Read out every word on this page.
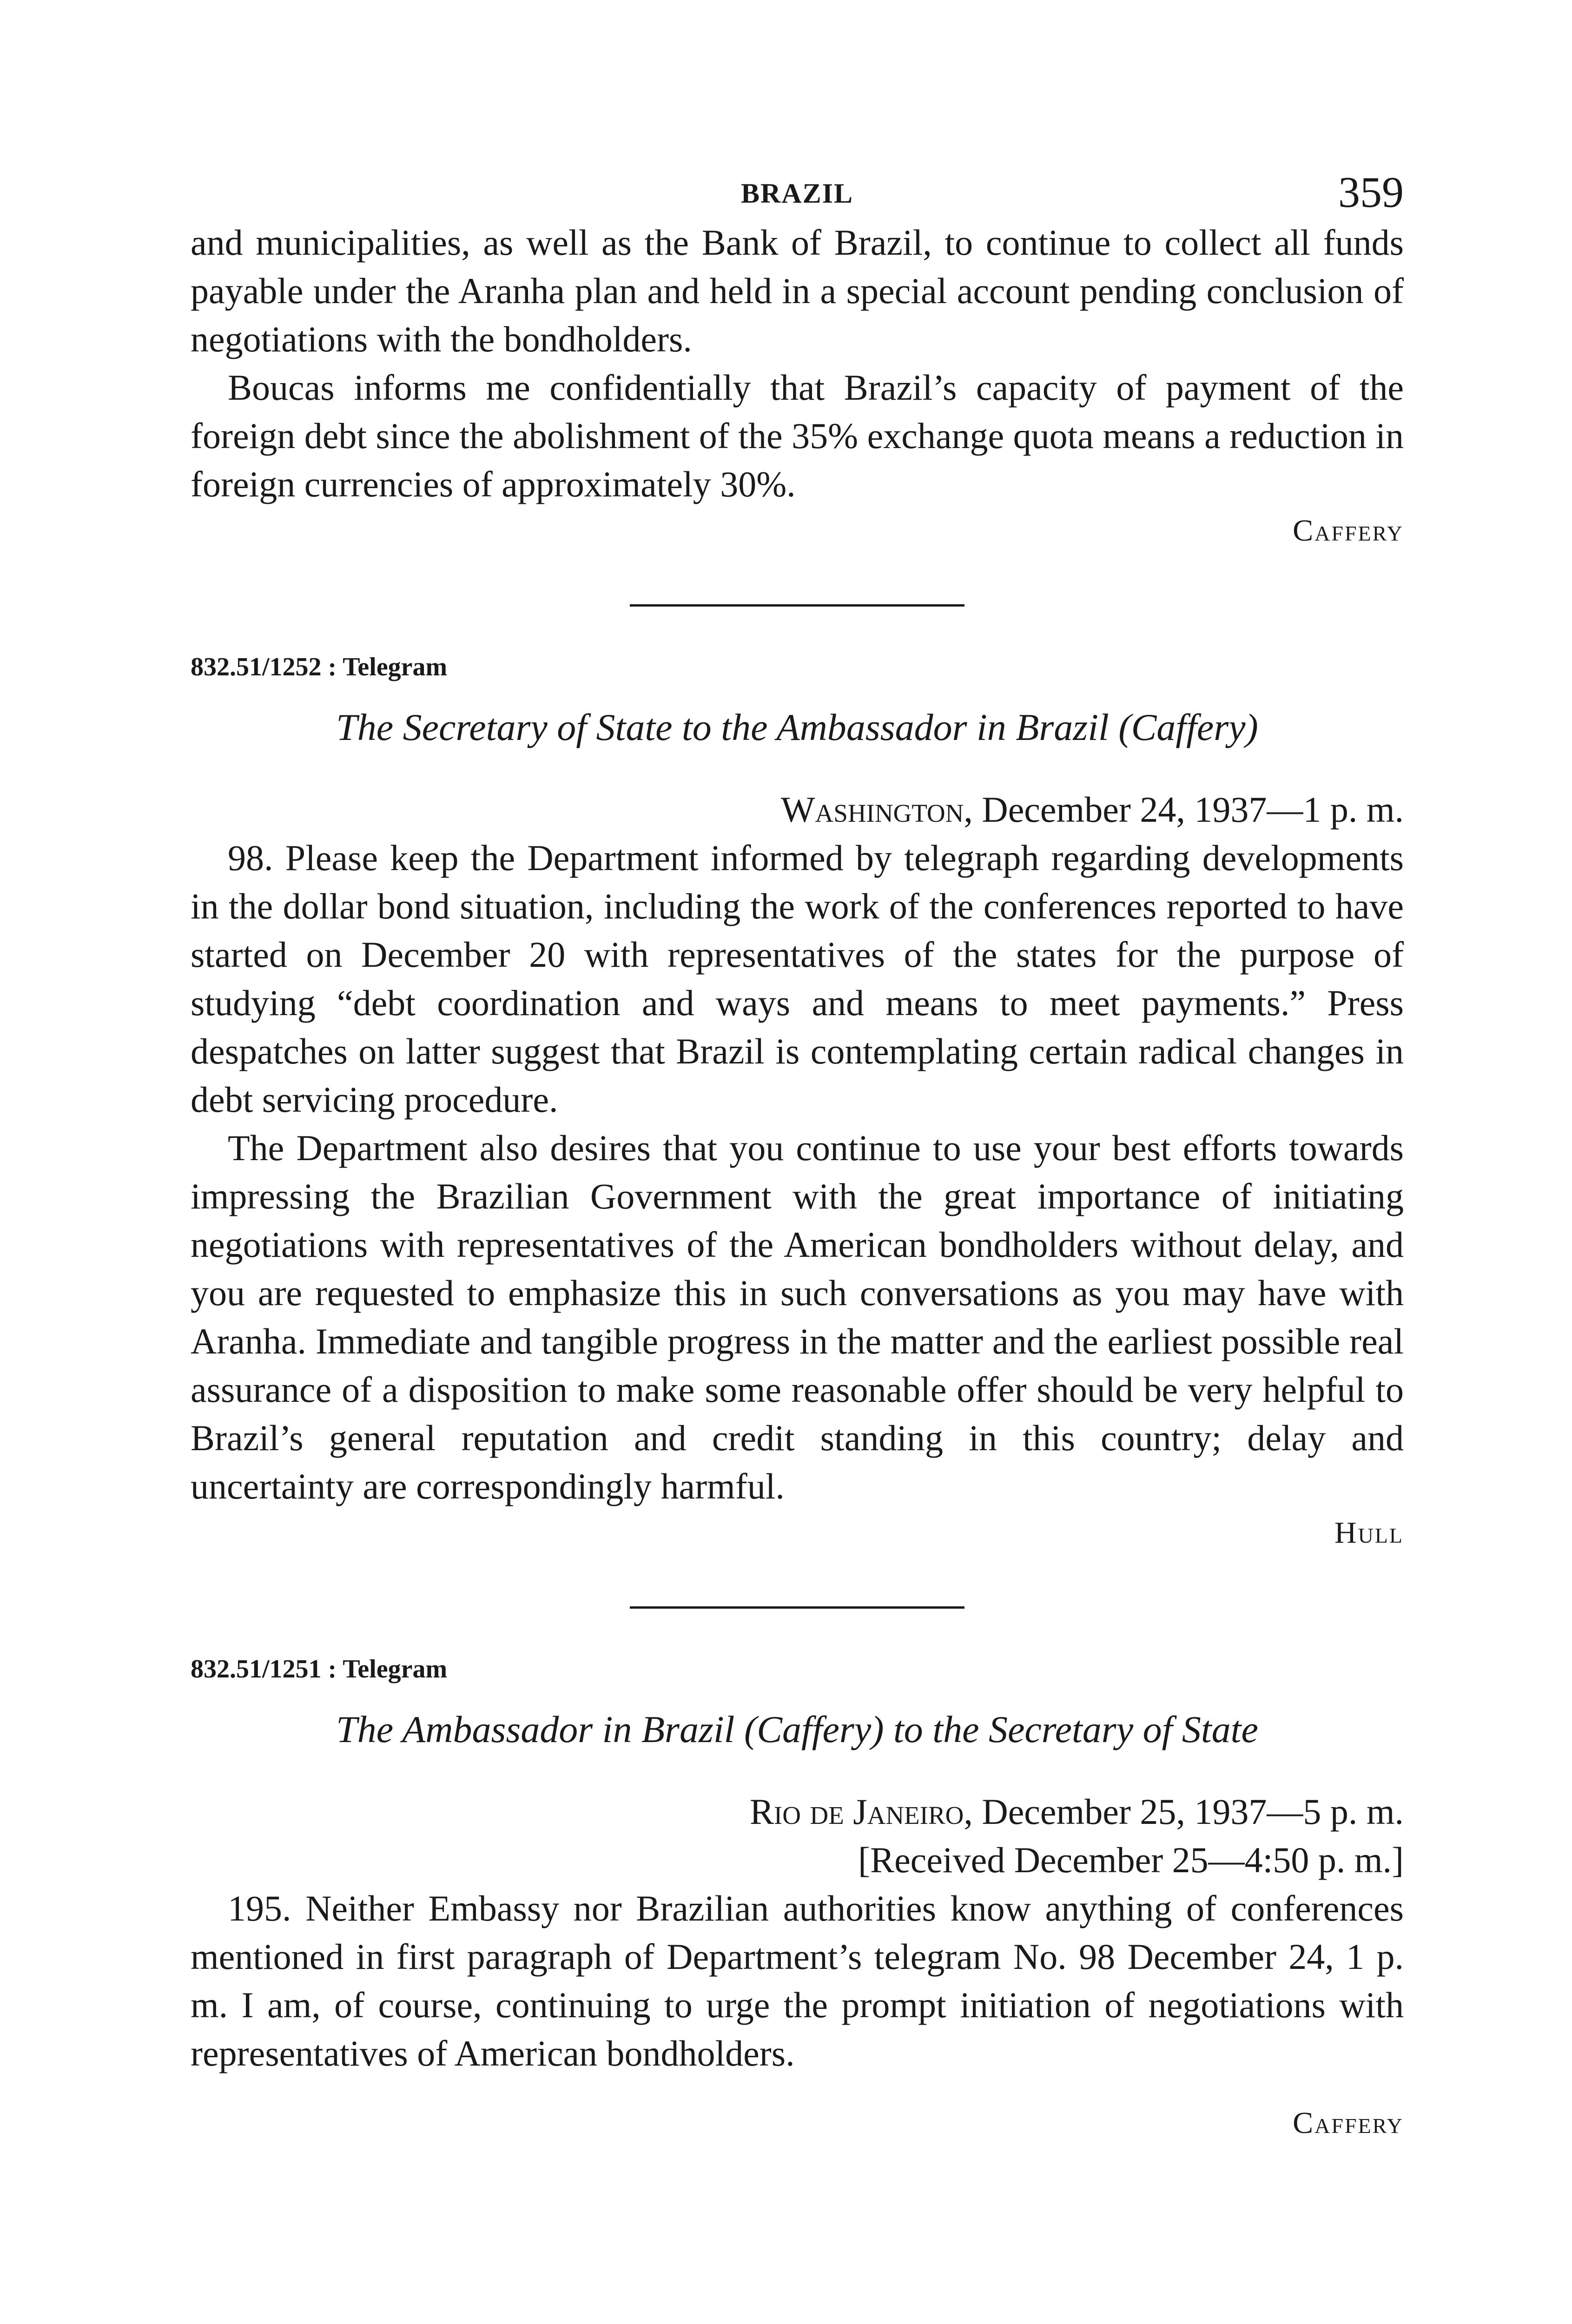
BRAZIL	359

and municipalities, as well as the Bank of Brazil, to continue to collect all funds payable under the Aranha plan and held in a special account pending conclusion of negotiations with the bondholders.

Boucas informs me confidentially that Brazil’s capacity of payment of the foreign debt since the abolishment of the 35% exchange quota means a reduction in foreign currencies of approximately 30%.

Caffery

832.51/1252 : Telegram
The Secretary of State to the Ambassador in Brazil (Caffery)
Washington, December 24, 1937—1 p. m.

98. Please keep the Department informed by telegraph regarding developments in the dollar bond situation, including the work of the conferences reported to have started on December 20 with representatives of the states for the purpose of studying “debt coordination and ways and means to meet payments.” Press despatches on latter suggest that Brazil is contemplating certain radical changes in debt servicing procedure.

The Department also desires that you continue to use your best efforts towards impressing the Brazilian Government with the great importance of initiating negotiations with representatives of the American bondholders without delay, and you are requested to emphasize this in such conversations as you may have with Aranha. Immediate and tangible progress in the matter and the earliest possible real assurance of a disposition to make some reasonable offer should be very helpful to Brazil’s general reputation and credit standing in this country; delay and uncertainty are correspondingly harmful.

Hull

832.51/1251 : Telegram
The Ambassador in Brazil (Caffery) to the Secretary of State
Rio de Janeiro, December 25, 1937—5 p. m.
[Received December 25—4:50 p. m.]

195. Neither Embassy nor Brazilian authorities know anything of conferences mentioned in first paragraph of Department’s telegram No. 98 December 24, 1 p. m. I am, of course, continuing to urge the prompt initiation of negotiations with representatives of American bondholders.

Caffery
